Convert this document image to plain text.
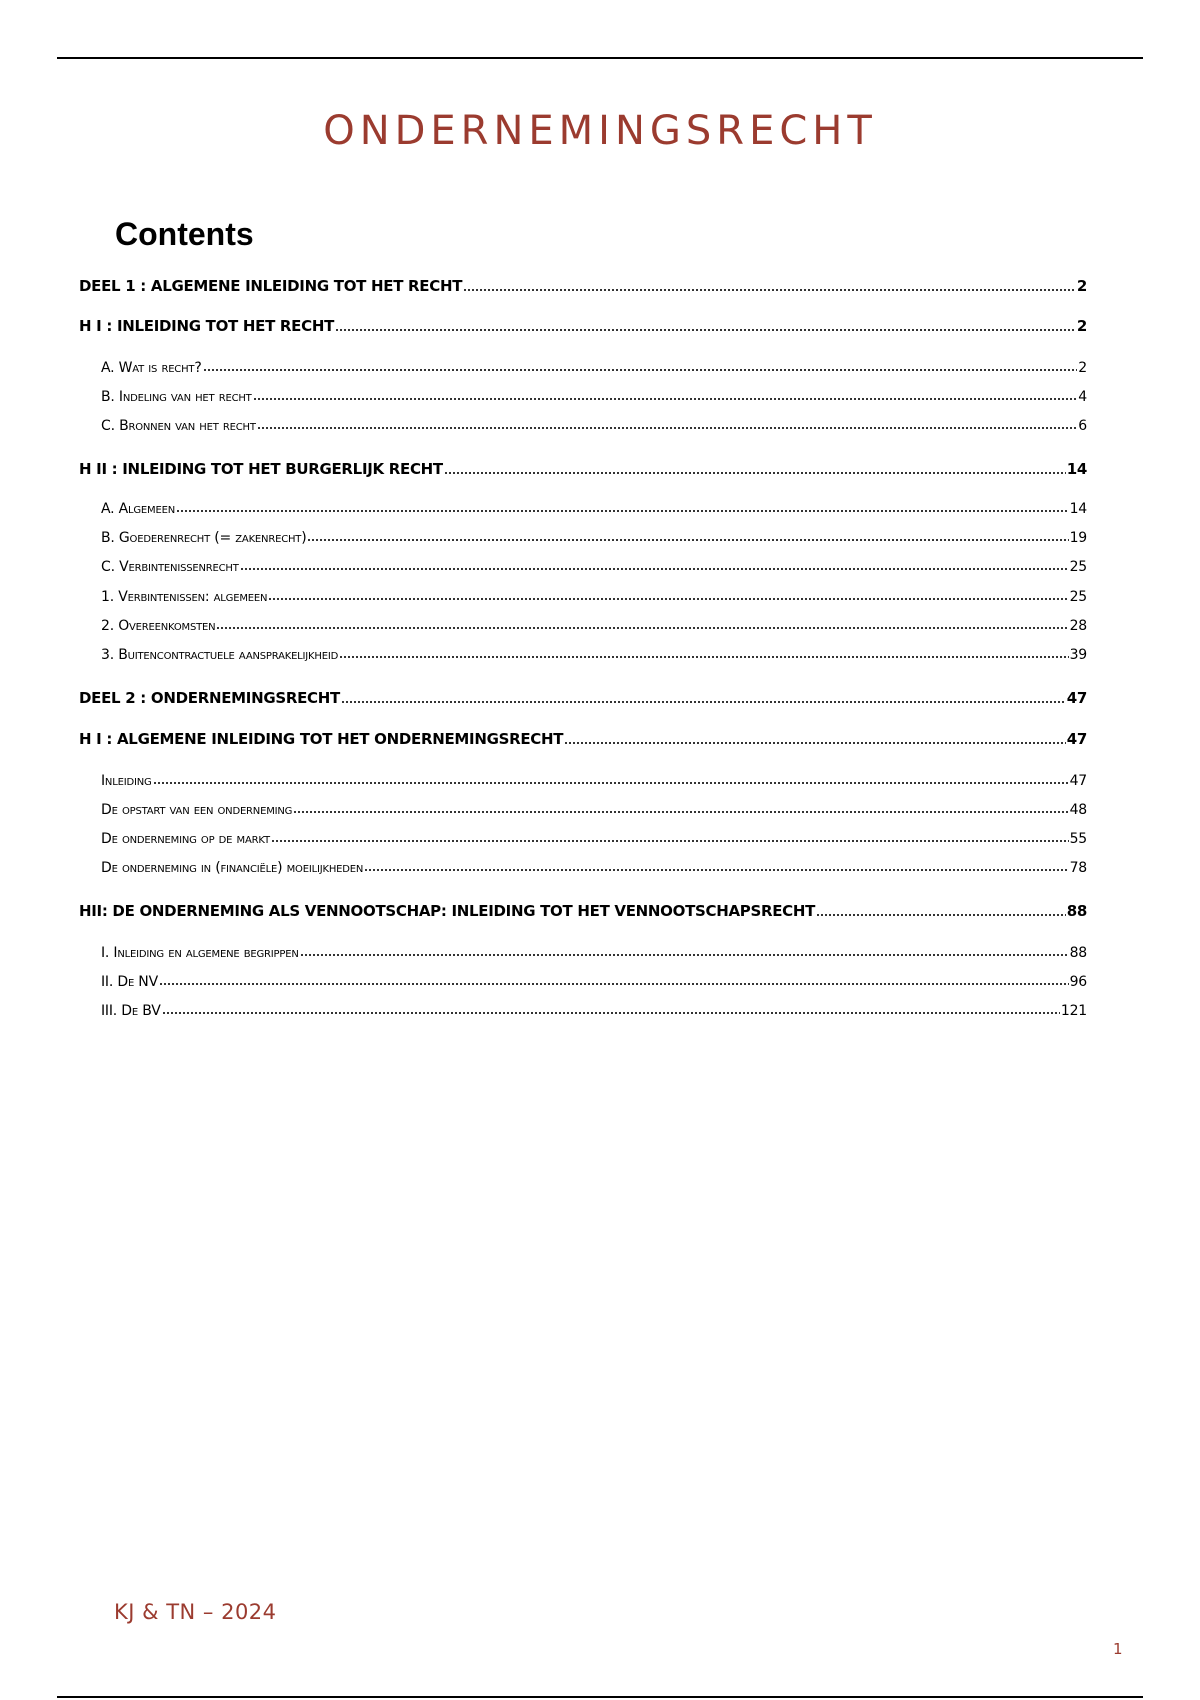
ONDERNEMINGSRECHT
Contents
DEEL 1 : ALGEMENE INLEIDING TOT HET RECHT	2
H I : INLEIDING TOT HET RECHT	2
A. Wat is recht?	2
B. Indeling van het recht	4
C. Bronnen van het recht	6
H II : INLEIDING TOT HET BURGERLIJK RECHT	14
A. Algemeen	14
B. Goederenrecht (= zakenrecht)	19
C. Verbintenissenrecht	25
1. Verbintenissen: algemeen	25
2. Overeenkomsten	28
3. Buitencontractuele aansprakelijkheid	39
DEEL 2 : ONDERNEMINGSRECHT	47
H I : ALGEMENE INLEIDING TOT HET ONDERNEMINGSRECHT	47
Inleiding	47
De opstart van een onderneming	48
De onderneming op de markt	55
De onderneming in (financiële) moeilijkheden	78
HII: DE ONDERNEMING ALS VENNOOTSCHAP: INLEIDING TOT HET VENNOOTSCHAPSRECHT	88
I. Inleiding en algemene begrippen	88
II. De NV	96
III. De BV	121
KJ & TN – 2024
1
